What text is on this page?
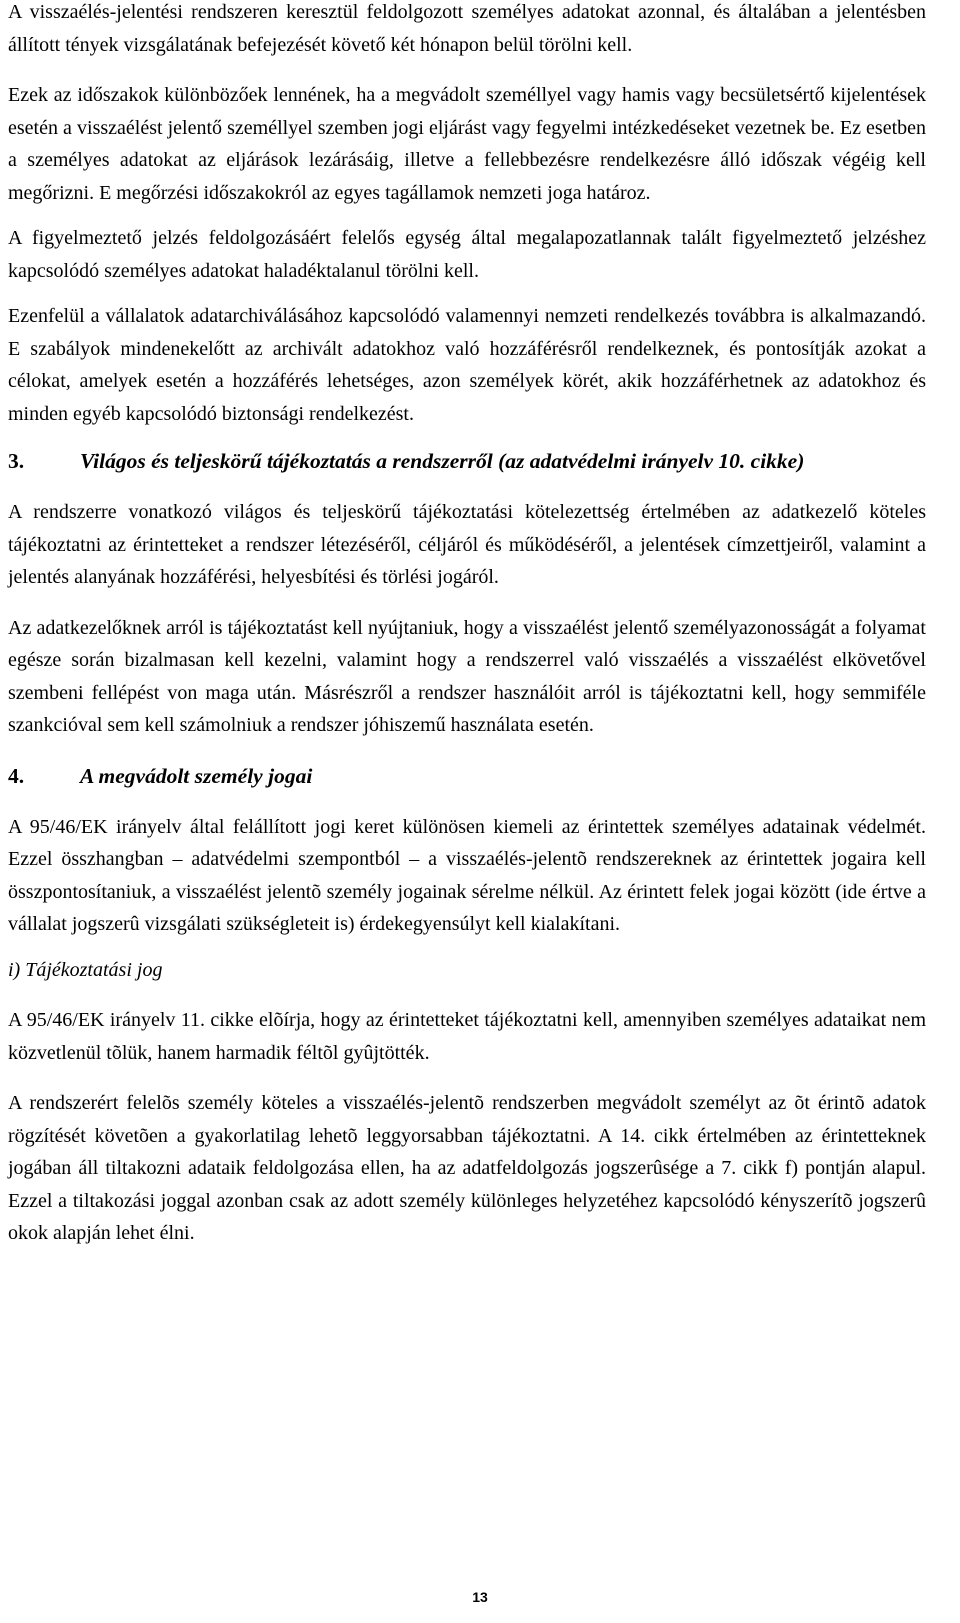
A visszaélés-jelentési rendszeren keresztül feldolgozott személyes adatokat azonnal, és általában a jelentésben állított tények vizsgálatának befejezését követő két hónapon belül törölni kell.

Ezek az időszakok különbözőek lennének, ha a megvádolt személlyel vagy hamis vagy becsületsértő kijelentések esetén a visszaélést jelentő személlyel szemben jogi eljárást vagy fegyelmi intézkedéseket vezetnek be. Ez esetben a személyes adatokat az eljárások lezárásáig, illetve a fellebbezésre rendelkezésre álló időszak végéig kell megőrizni. E megőrzési időszakokról az egyes tagállamok nemzeti joga határoz.

A figyelmeztető jelzés feldolgozásáért felelős egység által megalapozatlannak talált figyelmeztető jelzéshez kapcsolódó személyes adatokat haladéktalanul törölni kell.

Ezenfelül a vállalatok adatarchiválásához kapcsolódó valamennyi nemzeti rendelkezés továbbra is alkalmazandó. E szabályok mindenekelőtt az archivált adatokhoz való hozzáférésről rendelkeznek, és pontosítják azokat a célokat, amelyek esetén a hozzáférés lehetséges, azon személyek körét, akik hozzáférhetnek az adatokhoz és minden egyéb kapcsolódó biztonsági rendelkezést.

3.	Világos és teljeskörű tájékoztatás a rendszerről (az adatvédelmi irányelv 10. cikke)

A rendszerre vonatkozó világos és teljeskörű tájékoztatási kötelezettség értelmében az adatkezelő köteles tájékoztatni az érintetteket a rendszer létezéséről, céljáról és működéséről, a jelentések címzettjeiről, valamint a jelentés alanyának hozzáférési, helyesbítési és törlési jogáról.

Az adatkezelőknek arról is tájékoztatást kell nyújtaniuk, hogy a visszaélést jelentő személyazonosságát a folyamat egésze során bizalmasan kell kezelni, valamint hogy a rendszerrel való visszaélés a visszaélést elkövetővel szembeni fellépést von maga után. Másrészről a rendszer használóit arról is tájékoztatni kell, hogy semmiféle szankcióval sem kell számolniuk a rendszer jóhiszemű használata esetén.

4.	A megvádolt személy jogai

A 95/46/EK irányelv által felállított jogi keret különösen kiemeli az érintettek személyes adatainak védelmét. Ezzel összhangban – adatvédelmi szempontból – a visszaélés-jelentõ rendszereknek az érintettek jogaira kell összpontosítaniuk, a visszaélést jelentõ személy jogainak sérelme nélkül. Az érintett felek jogai között (ide értve a vállalat jogszerû vizsgálati szükségleteit is) érdekegyensúlyt kell kialakítani.

i) Tájékoztatási jog

A 95/46/EK irányelv 11. cikke elõírja, hogy az érintetteket tájékoztatni kell, amennyiben személyes adataikat nem közvetlenül tõlük, hanem harmadik féltõl gyûjtötték.

A rendszerért felelõs személy köteles a visszaélés-jelentõ rendszerben megvádolt személyt az õt érintõ adatok rögzítését követõen a gyakorlatilag lehetõ leggyorsabban tájékoztatni. A 14. cikk értelmében az érintetteknek jogában áll tiltakozni adataik feldolgozása ellen, ha az adatfeldolgozás jogszerûsége a 7. cikk f) pontján alapul. Ezzel a tiltakozási joggal azonban csak az adott személy különleges helyzetéhez kapcsolódó kényszerítõ jogszerû okok alapján lehet élni.

13
